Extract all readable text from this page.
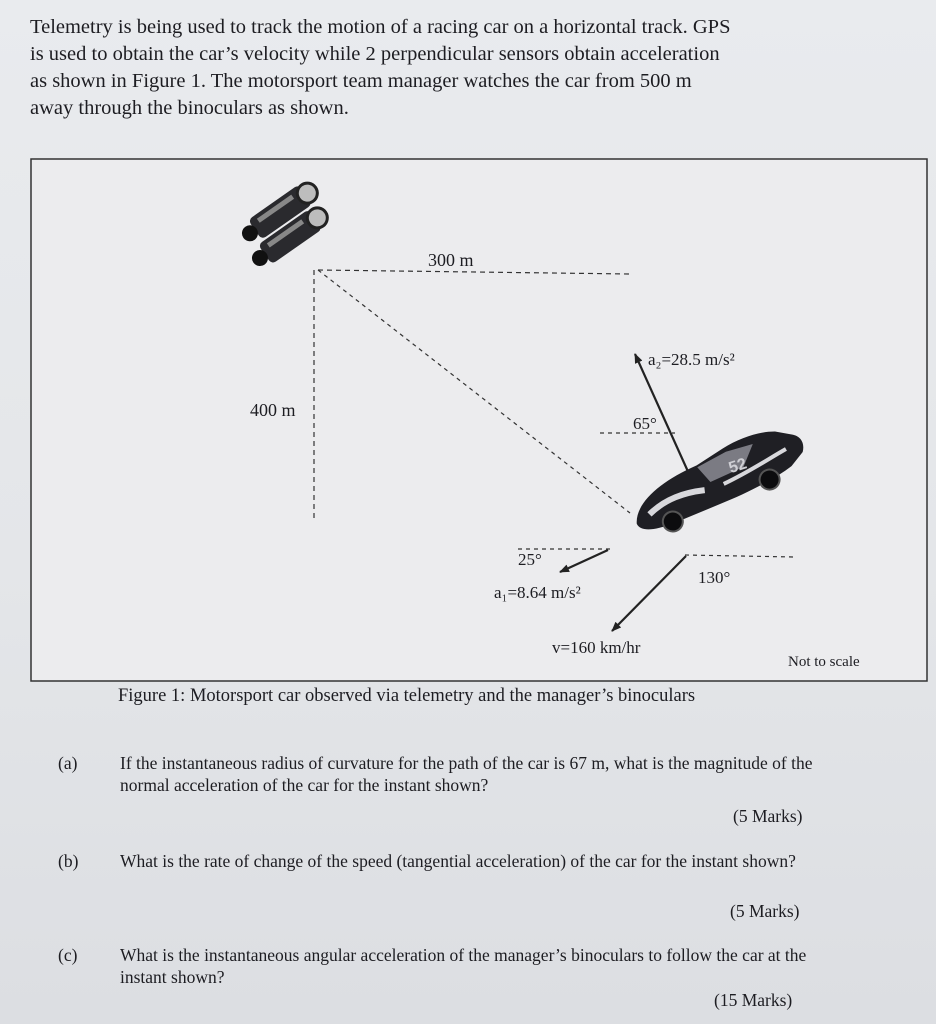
Telemetry is being used to track the motion of a racing car on a horizontal track. GPS
is used to obtain the car’s velocity while 2 perpendicular sensors obtain acceleration
as shown in Figure 1. The motorsport team manager watches the car from 500 m
away through the binoculars as shown.
300 m
400 m
a₂=28.5 m/s²
65°
52
25°
a₁=8.64 m/s²
130°
v=160 km/hr
Not to scale
Figure 1: Motorsport car observed via telemetry and the manager’s binoculars
(a) If the instantaneous radius of curvature for the path of the car is 67 m, what is the magnitude of the normal acceleration of the car for the instant shown?
(5 Marks)
(b) What is the rate of change of the speed (tangential acceleration) of the car for the instant shown?
(5 Marks)
(c) What is the instantaneous angular acceleration of the manager’s binoculars to follow the car at the instant shown?
(15 Marks)
